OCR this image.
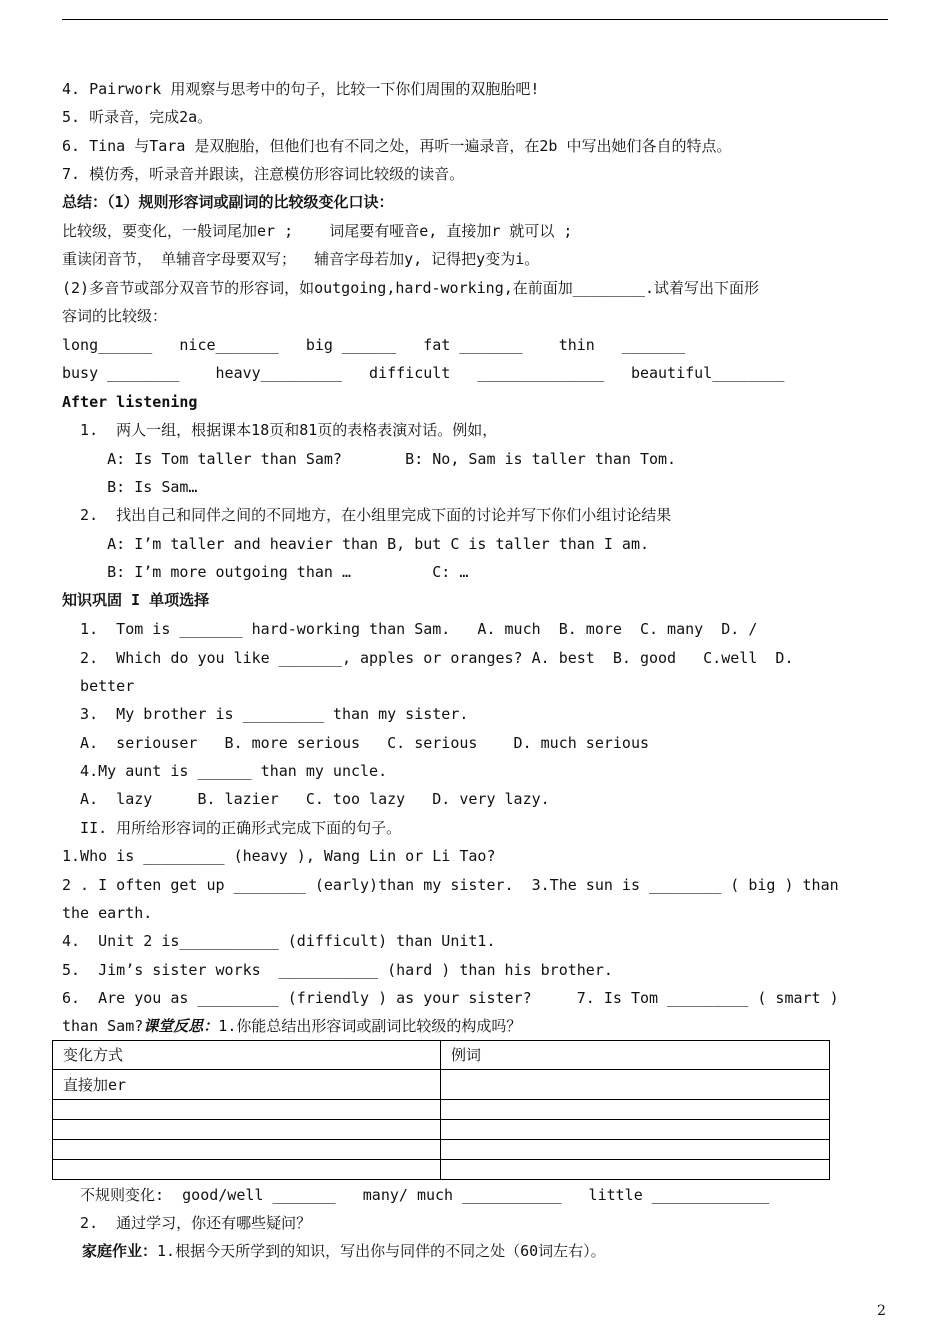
4. Pairwork 用观察与思考中的句子，比较一下你们周围的双胞胎吧!
5. 听录音，完成2a。
6. Tina 与Tara 是双胞胎，但他们也有不同之处，再听一遍录音，在2b 中写出她们各自的特点。
7. 模仿秀，听录音并跟读，注意模仿形容词比较级的读音。
总结：（1）规则形容词或副词的比较级变化口诀：
比较级，要变化，一般词尾加er ;    词尾要有哑音e, 直接加r 就可以 ;
重读闭音节， 单辅音字母要双写；  辅音字母若加y, 记得把y变为i。
(2)多音节或部分双音节的形容词，如outgoing,hard-working,在前面加________.试着写出下面形
容词的比较级：
long______   nice_______   big ______   fat _______    thin   _______
busy ________    heavy_________   difficult   ______________   beautiful________
After listening
1.  两人一组，根据课本18页和81页的表格表演对话。例如，
A: Is Tom taller than Sam?       B: No, Sam is taller than Tom.
B: Is Sam…
2.  找出自己和同伴之间的不同地方，在小组里完成下面的讨论并写下你们小组讨论结果
A: I’m taller and heavier than B, but C is taller than I am.
B: I’m more outgoing than …         C: …
知识巩固 I 单项选择
1.  Tom is _______ hard-working than Sam.   A. much  B. more  C. many  D. /
2.  Which do you like _______, apples or oranges? A. best  B. good   C.well  D.
better
3.  My brother is _________ than my sister.
A.  seriouser   B. more serious   C. serious    D. much serious
4.My aunt is ______ than my uncle.
A.  lazy     B. lazier   C. too lazy   D. very lazy.
II. 用所给形容词的正确形式完成下面的句子。
1.Who is _________ (heavy ), Wang Lin or Li Tao?
2 . I often get up ________ (early)than my sister.  3.The sun is ________ ( big ) than
the earth.
4.  Unit 2 is___________ (difficult) than Unit1.
5.  Jim’s sister works  ___________ (hard ) than his brother.
6.  Are you as _________ (friendly ) as your sister?     7. Is Tom _________ ( smart )
than Sam?课堂反思：1.你能总结出形容词或副词比较级的构成吗？
变化方式	例词
直接加er
不规则变化:  good/well _______   many/ much ___________   little _____________
2.  通过学习，你还有哪些疑问？
家庭作业：1.根据今天所学到的知识，写出你与同伴的不同之处（60词左右）。
2
